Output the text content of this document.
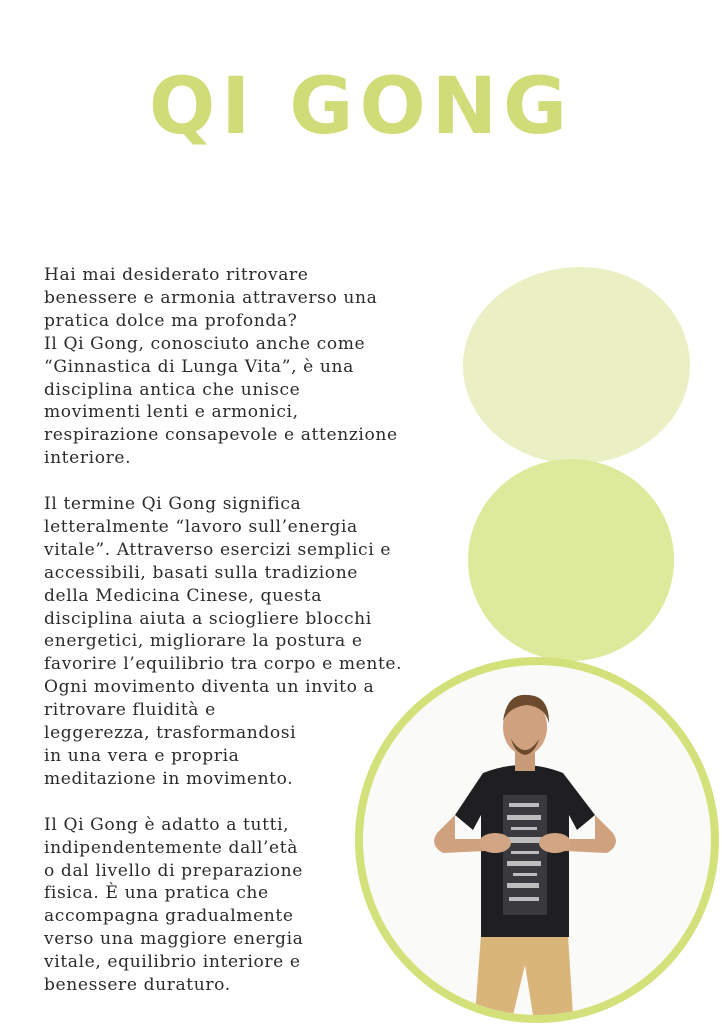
QI GONG

Hai mai desiderato ritrovare
benessere e armonia attraverso una
pratica dolce ma profonda?
Il Qi Gong, conosciuto anche come
“Ginnastica di Lunga Vita”, è una
disciplina antica che unisce
movimenti lenti e armonici,
respirazione consapevole e attenzione
interiore.

Il termine Qi Gong significa
letteralmente “lavoro sull’energia
vitale”. Attraverso esercizi semplici e
accessibili, basati sulla tradizione
della Medicina Cinese, questa
disciplina aiuta a sciogliere blocchi
energetici, migliorare la postura e
favorire l’equilibrio tra corpo e mente.
Ogni movimento diventa un invito a
ritrovare fluidità e
leggerezza, trasformandosi
in una vera e propria
meditazione in movimento.

Il Qi Gong è adatto a tutti,
indipendentemente dall’età
o dal livello di preparazione
fisica. È una pratica che
accompagna gradualmente
verso una maggiore energia
vitale, equilibrio interiore e
benessere duraturo.
